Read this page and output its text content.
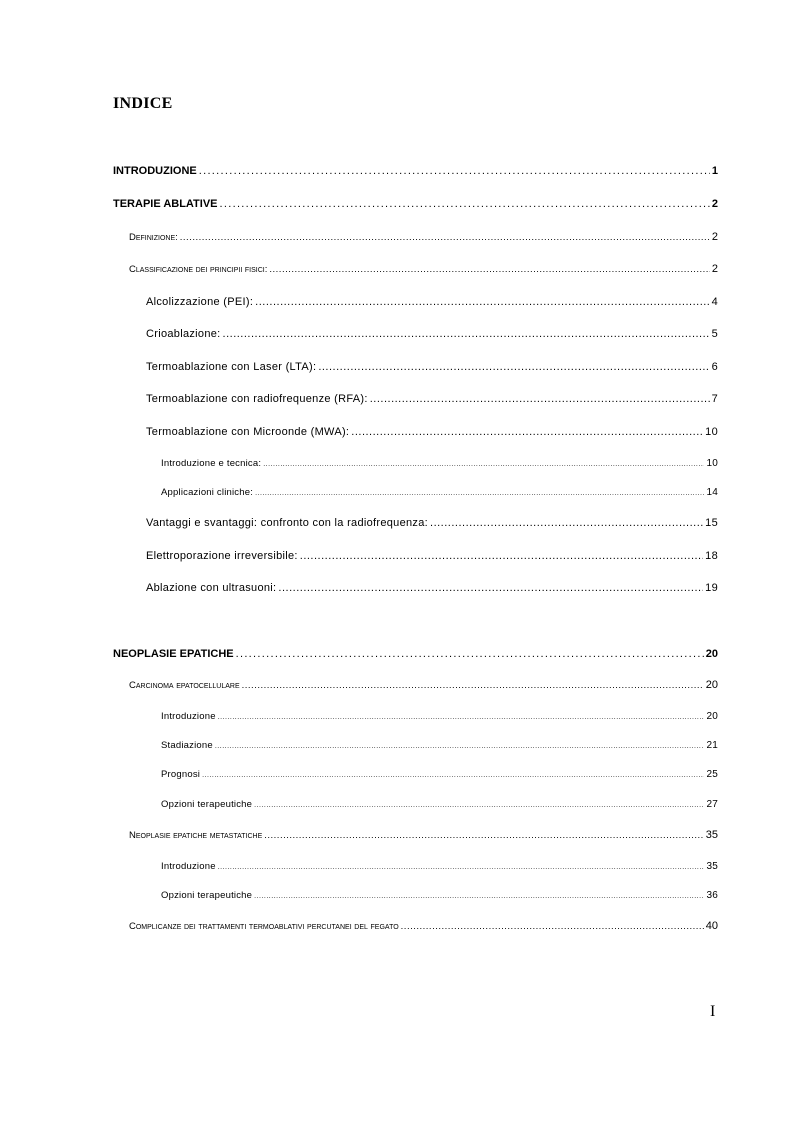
INDICE
INTRODUZIONE .....	1
TERAPIE ABLATIVE .....	2
Definizione: .....	2
Classificazione dei principii fisici: .....	2
Alcolizzazione (PEI): .....	4
Crioablazione: .....	5
Termoablazione con Laser (LTA): .....	6
Termoablazione con radiofrequenze (RFA): .....	7
Termoablazione con Microonde (MWA): .....	10
Introduzione e tecnica: .....	10
Applicazioni cliniche: .....	14
Vantaggi e svantaggi: confronto con la radiofrequenza: .....	15
Elettroporazione irreversibile: .....	18
Ablazione con ultrasuoni: .....	19
NEOPLASIE EPATICHE .....	20
Carcinoma epatocellulare .....	20
Introduzione .....	20
Stadiazione .....	21
Prognosi .....	25
Opzioni terapeutiche .....	27
Neoplasie epatiche metastatiche .....	35
Introduzione .....	35
Opzioni terapeutiche .....	36
Complicanze dei trattamenti termoablativi percutanei del fegato .....	40
I
